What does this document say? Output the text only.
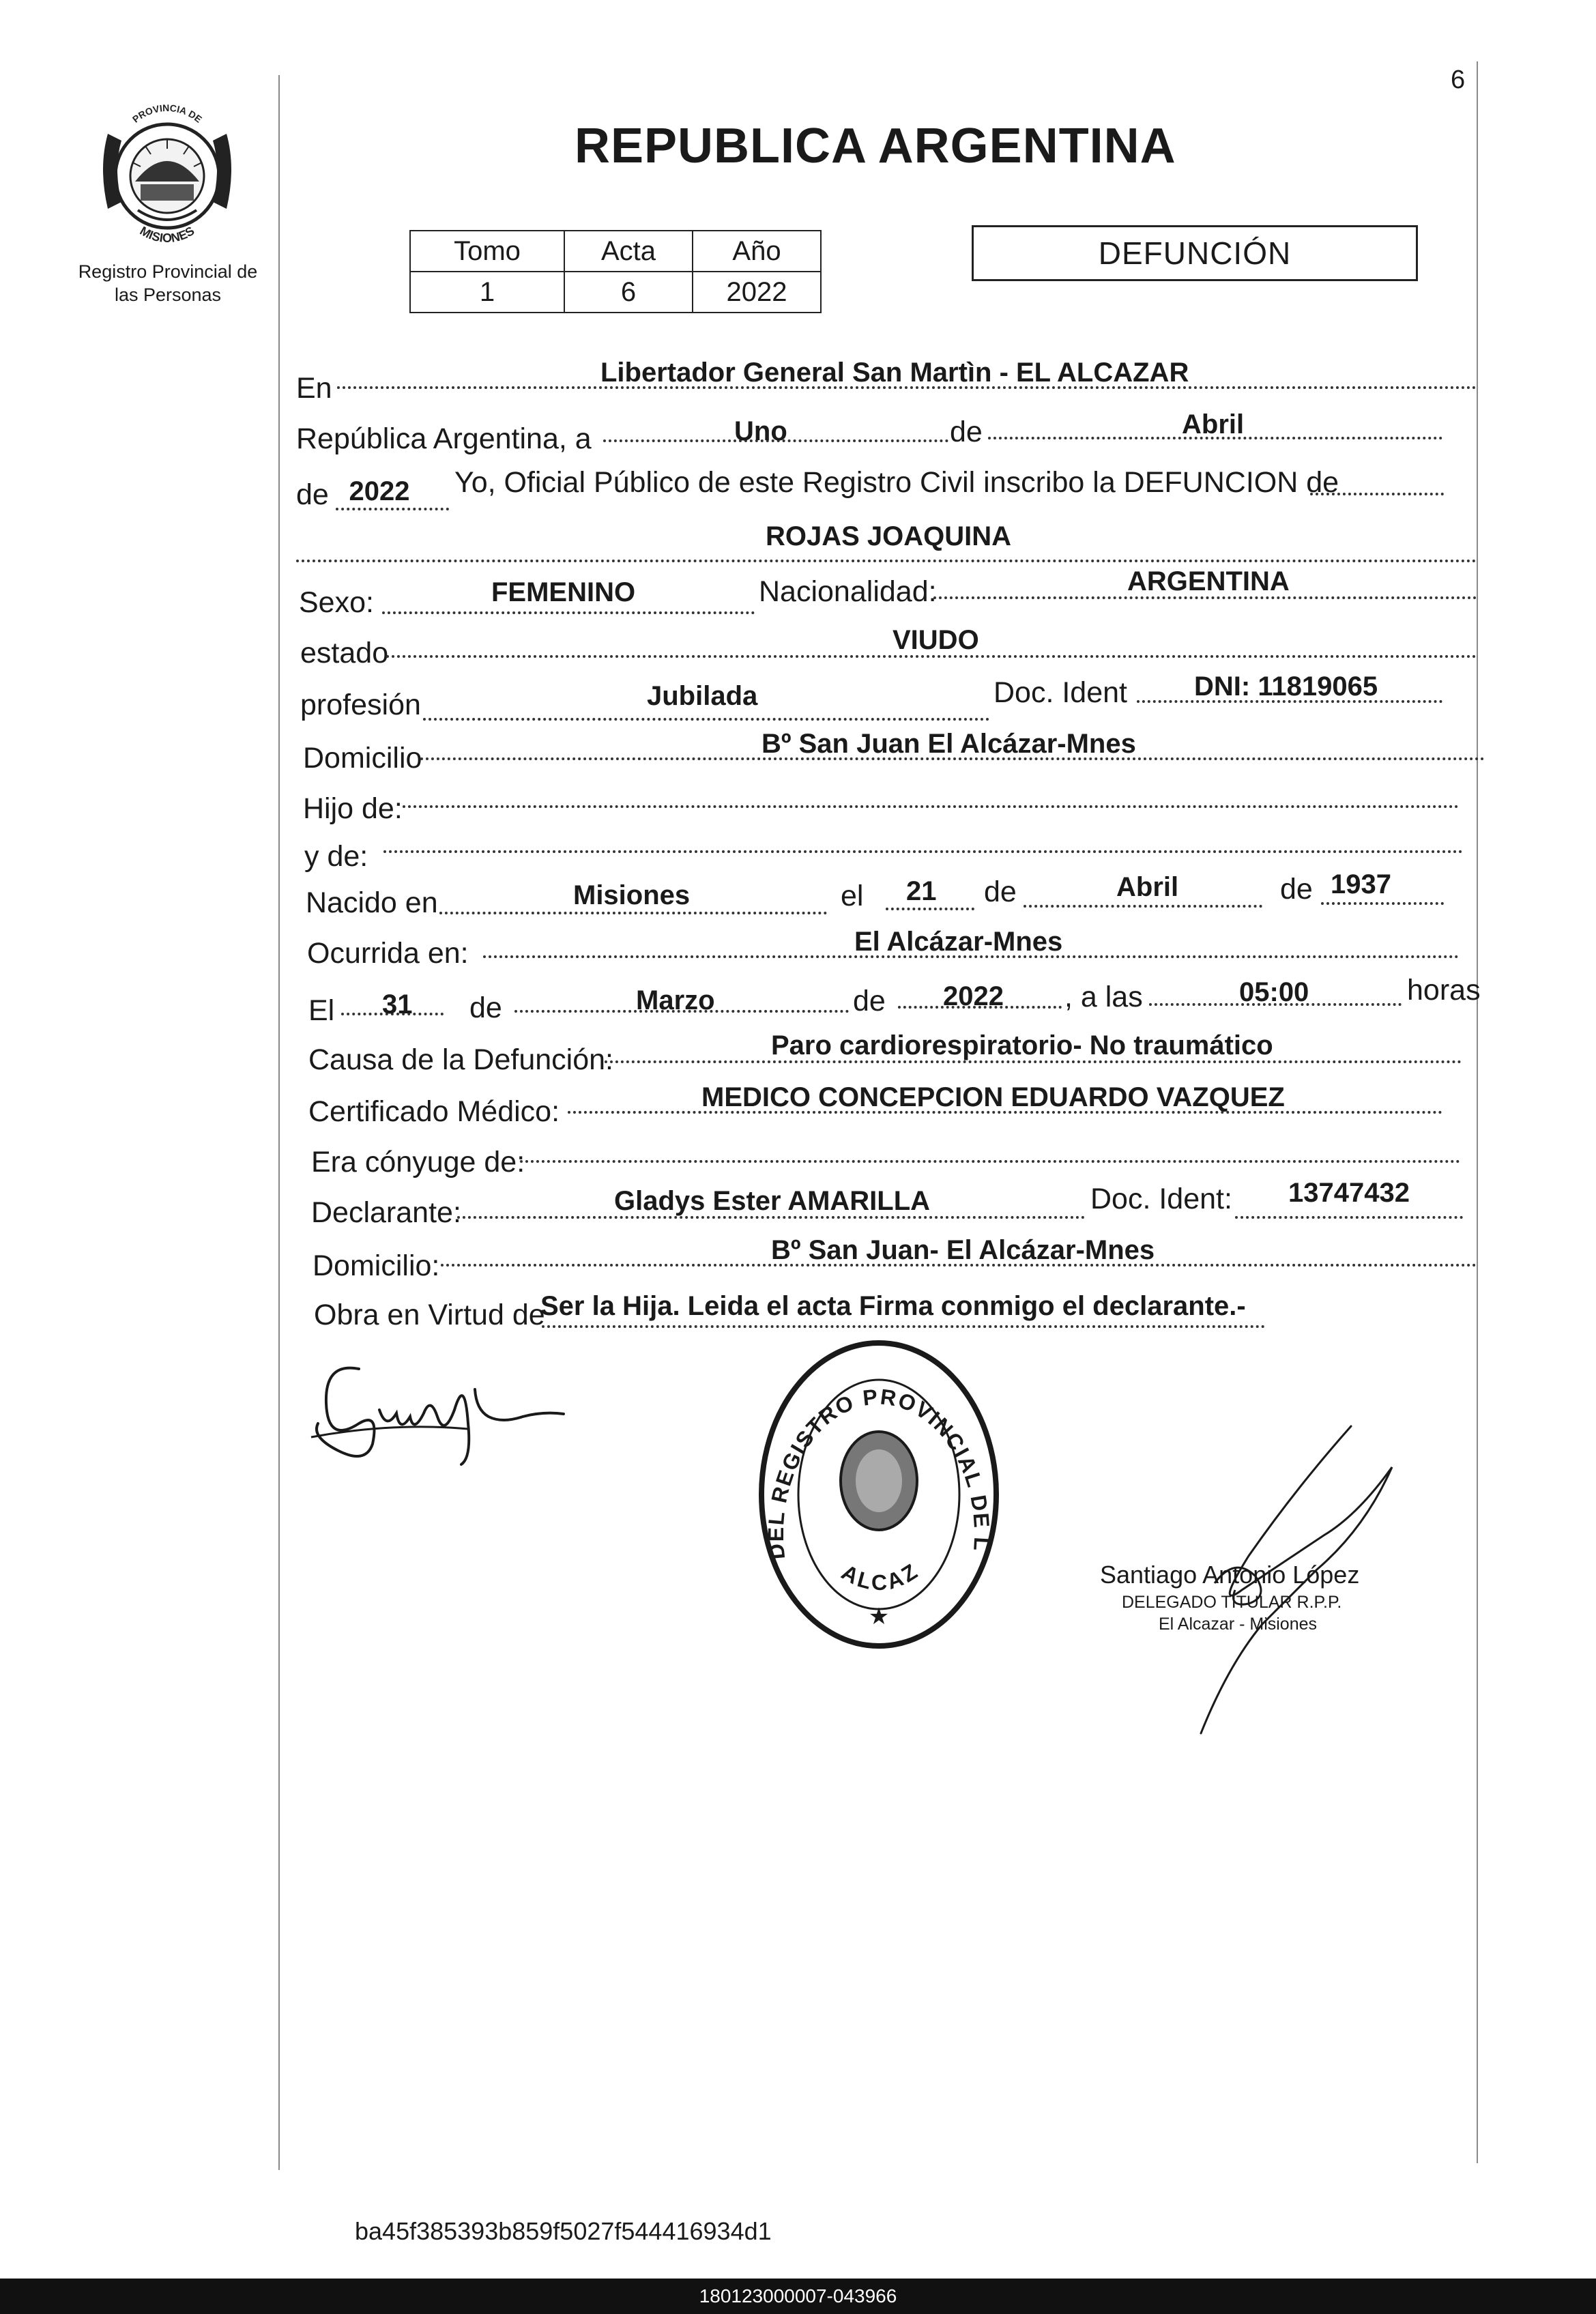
6
PROVINCIA DE
MISIONES
Registro Provincial de
las Personas
REPUBLICA ARGENTINA
Tomo	Acta	Año
1	6	2022
DEFUNCIÓN
En	Libertador General San Martìn - EL ALCAZAR
República Argentina, a	Uno	de	Abril
de 2022	Yo, Oficial Público de este Registro Civil inscribo la DEFUNCION de
ROJAS JOAQUINA
Sexo:	FEMENINO	Nacionalidad:	ARGENTINA
estado	VIUDO
profesión	Jubilada	Doc. Ident DNI: 11819065
Domicilio	Bº San Juan El Alcázar-Mnes
Hijo de:
y de:
Nacido en	Misiones	el 21 de	Abril	de 1937
Ocurrida en:	El Alcázar-Mnes
El 31 de	Marzo	de 2022 , a las	05:00	horas
Causa de la Defunción:	Paro cardiorespiratorio- No traumático
Certificado Médico:	MEDICO CONCEPCION EDUARDO VAZQUEZ
Era cónyuge de:
Declarante:	Gladys Ester AMARILLA	Doc. Ident: 13747432
Domicilio:	Bº San Juan- El Alcázar-Mnes
Obra en Virtud de
Ser la Hija. Leida el acta Firma conmigo el declarante.-
DEL REGISTRO PROVINCIAL DE L
ALCAZ
★
Santiago Antonio López
DELEGADO TITULAR R.P.P.
El Alcazar - Misiones
ba45f385393b859f5027f544416934d1
180123000007-043966
